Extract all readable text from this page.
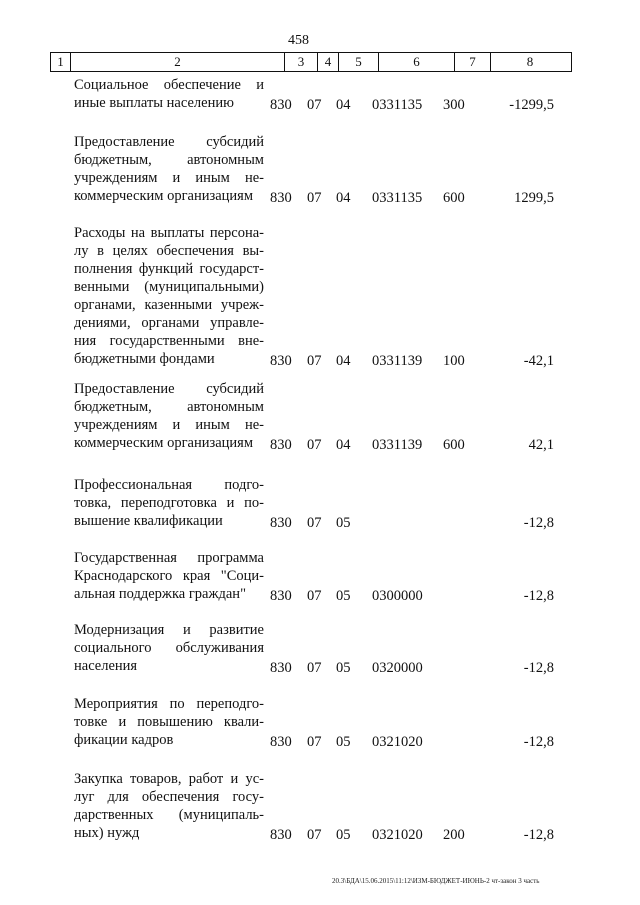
458
1	2	3	4	5	6	7	8
Социальное обеспечение и
иные выплаты населению	830 07 04 0331135 300	-1299,5
Предоставление субсидий
бюджетным, автономным
учреждениям и иным не-
коммерческим организациям	830 07 04 0331135 600	1299,5
Расходы на выплаты персона-
лу в целях обеспечения вы-
полнения функций государст-
венными (муниципальными)
органами, казенными учреж-
дениями, органами управле-
ния государственными вне-
бюджетными фондами	830 07 04 0331139 100	-42,1
Предоставление субсидий
бюджетным, автономным
учреждениям и иным не-
коммерческим организациям	830 07 04 0331139 600	42,1
Профессиональная подго-
товка, переподготовка и по-
вышение квалификации	830 07 05	-12,8
Государственная программа
Краснодарского края "Соци-
альная поддержка граждан"	830 07 05 0300000	-12,8
Модернизация и развитие
социального обслуживания
населения	830 07 05 0320000	-12,8
Мероприятия по переподго-
товке и повышению квали-
фикации кадров	830 07 05 0321020	-12,8
Закупка товаров, работ и ус-
луг для обеспечения госу-
дарственных (муниципаль-
ных) нужд	830 07 05 0321020 200	-12,8
20.3\БДА\15.06.2015\11:12\ИЗМ-БЮДЖЕТ-ИЮНЬ-2 чт-закон 3 часть
